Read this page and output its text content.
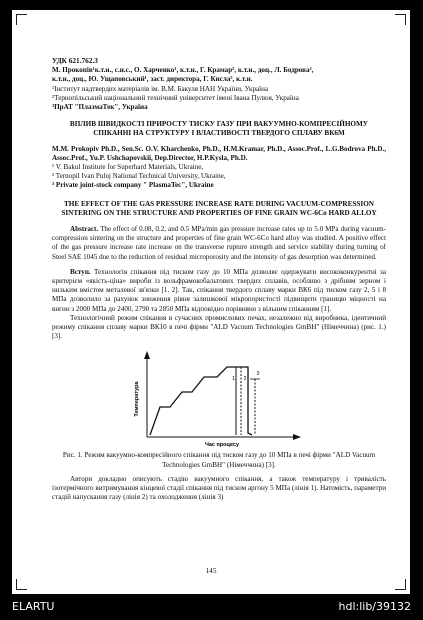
УДК 621.762.3
М. Прокопів¹к.т.н., с.н.с., О. Харченко¹, к.т.н., Г. Крамар², к.т.н., доц., Л. Бодрова²,
к.т.н., доц., Ю. Ущаповський¹, заст. директора, Г. Кисла³, к.т.н.
¹Інститут надтвердих матеріалів ім. В.М. Бакуля НАН України, Україна
²Тернопільський національний технічний університет імені Івана Пулюя, Україна
³ПрАТ "ПлазмаТек", Україна
ВПЛИВ ШВИДКОСТІ ПРИРОСТУ ТИСКУ ГАЗУ ПРИ ВАКУУМНО-КОМПРЕСІЙНОМУ СПІКАННІ НА СТРУКТУРУ І ВЛАСТИВОСТІ ТВЕРДОГО СПЛАВУ ВК6М
M.M. Prokopiv Ph.D., Sen.Sc. O.V. Kharchenko, Ph.D., H.M.Kramar, Ph.D., Assoc.Prof., L.G.Bodrova Ph.D., Assoc.Prof., Yu.P. Ushchapovskii, Dep.Director, H.P.Kysla, Ph.D.
¹ V. Bakul Institute for Superhard Materials, Ukraine,
² Ternopil Ivan Puluj National Technical University, Ukraine,
³ Private joint-stock company " PlasmaTec", Ukraine
THE EFFECT OF THE GAS PRESSURE INCREASE RATE DURING VACUUM-COMPRESSION SINTERING ON THE STRUCTURE AND PROPERTIES OF FINE GRAIN WC-6Co HARD ALLOY
Abstract. The effect of 0.08, 0.2, and 0.5 MPa/min gas pressure increase rates up to 5.0 MPa during vacuum-compression sintering on the structure and properties of fine grain WC-6Co hard alloy was studied. A positive effect of the gas pressure increase rate increase on the transverse rupture strength and service stability during turning of Steel SAE 1045 due to the reduction of residual microporosity and the intensity of gas desorption was determined.
Вступ. Технологія спікання під тиском газу до 10 МПа дозволяє одержувати висококонкурентні за критерієм «якість-ціна» вироби із вольфрамокобальтових твердих сплавів, особливо з дрібним зерном і низьким вмістом металевої зв'язки [1, 2]. Так, спікання твердого сплаву марки ВК6 під тиском газу 2, 5 і 8 МПа дозволило за рахунок зниження рівня залишкової мікропористості підвищити границю міцності на вигин з 2000 МПа до 2400, 2790 та 2850 МПа відповідно порівняно з вільним спіканням [1].
Технологічний режим спікання в сучасних промислових печах, незалежно від виробника, ідентичний режиму спікання сплаву марки ВК10 в печі фірми "ALD Vacuum Technologies GmBH" (Німеччина) (рис. 1.) [3].
Температура
Час процесу
1 2
3
Рис. 1. Режим вакуумно-компресійного спікання під тиском газу до 10 МПа в печі фірми "ALD Vacuum Technologies GmBH" (Німеччина) [3].
Автори докладно описують стадію вакуумного спікання, а також температуру і тривалість ізотермічного витримування кінцевої стадії спікання під тиском аргону 5 МПа (лінія 1). Натомість, параметри стадій напускання газу (лінія 2) та охолодження (лінія 3)
145
ELARTU	hdl:lib/39132
